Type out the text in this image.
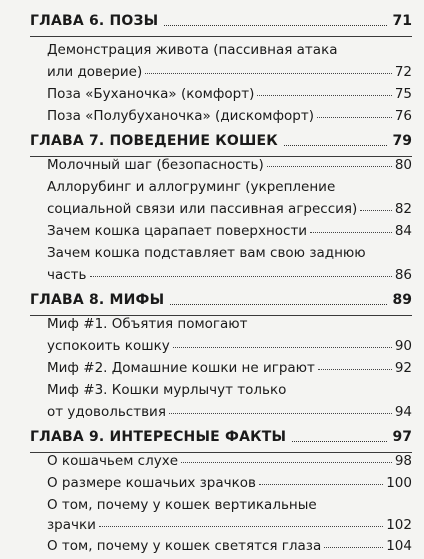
ГЛАВА 6. ПОЗЫ	71
Демонстрация живота (пассивная атака
или доверие)	72
Поза «Буханочка» (комфорт)	75
Поза «Полубуханочка» (дискомфорт)	76
ГЛАВА 7. ПОВЕДЕНИЕ КОШЕК	79
Молочный шаг (безопасность)	80
Аллорубинг и аллогруминг (укрепление
социальной связи или пассивная агрессия)	82
Зачем кошка царапает поверхности	84
Зачем кошка подставляет вам свою заднюю
часть	86
ГЛАВА 8. МИФЫ	89
Миф #1. Объятия помогают
успокоить кошку	90
Миф #2. Домашние кошки не играют	92
Миф #3. Кошки мурлычут только
от удовольствия	94
ГЛАВА 9. ИНТЕРЕСНЫЕ ФАКТЫ	97
О кошачьем слухе	98
О размере кошачьих зрачков	100
О том, почему у кошек вертикальные
зрачки	102
О том, почему у кошек светятся глаза	104
